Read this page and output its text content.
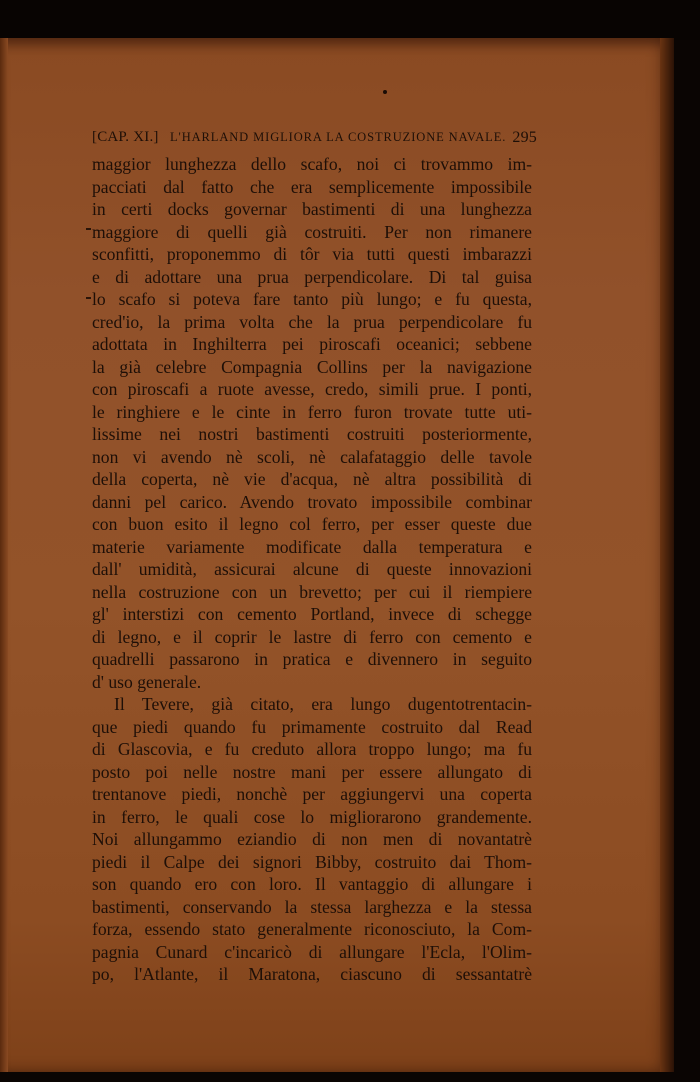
[CAP. XI.] L'HARLAND MIGLIORA LA COSTRUZIONE NAVALE. 295
maggior lunghezza dello scafo, noi ci trovammo im-
pacciati dal fatto che era semplicemente impossibile
in certi docks governar bastimenti di una lunghezza
maggiore di quelli già costruiti. Per non rimanere
sconfitti, proponemmo di tôr via tutti questi imbarazzi
e di adottare una prua perpendicolare. Di tal guisa
lo scafo si poteva fare tanto più lungo; e fu questa,
cred'io, la prima volta che la prua perpendicolare fu
adottata in Inghilterra pei piroscafi oceanici; sebbene
la già celebre Compagnia Collins per la navigazione
con piroscafi a ruote avesse, credo, simili prue. I ponti,
le ringhiere e le cinte in ferro furon trovate tutte uti-
lissime nei nostri bastimenti costruiti posteriormente,
non vi avendo nè scoli, nè calafataggio delle tavole
della coperta, nè vie d'acqua, nè altra possibilità di
danni pel carico. Avendo trovato impossibile combinar
con buon esito il legno col ferro, per esser queste due
materie variamente modificate dalla temperatura e
dall' umidità, assicurai alcune di queste innovazioni
nella costruzione con un brevetto; per cui il riempiere
gl' interstizi con cemento Portland, invece di schegge
di legno, e il coprir le lastre di ferro con cemento e
quadrelli passarono in pratica e divennero in seguito
d' uso generale.
Il Tevere, già citato, era lungo dugentotrentacin-
que piedi quando fu primamente costruito dal Read
di Glascovia, e fu creduto allora troppo lungo; ma fu
posto poi nelle nostre mani per essere allungato di
trentanove piedi, nonchè per aggiungervi una coperta
in ferro, le quali cose lo migliorarono grandemente.
Noi allungammo eziandio di non men di novantatrè
piedi il Calpe dei signori Bibby, costruito dai Thom-
son quando ero con loro. Il vantaggio di allungare i
bastimenti, conservando la stessa larghezza e la stessa
forza, essendo stato generalmente riconosciuto, la Com-
pagnia Cunard c'incaricò di allungare l'Ecla, l'Olim-
po, l'Atlante, il Maratona, ciascuno di sessantatrè
